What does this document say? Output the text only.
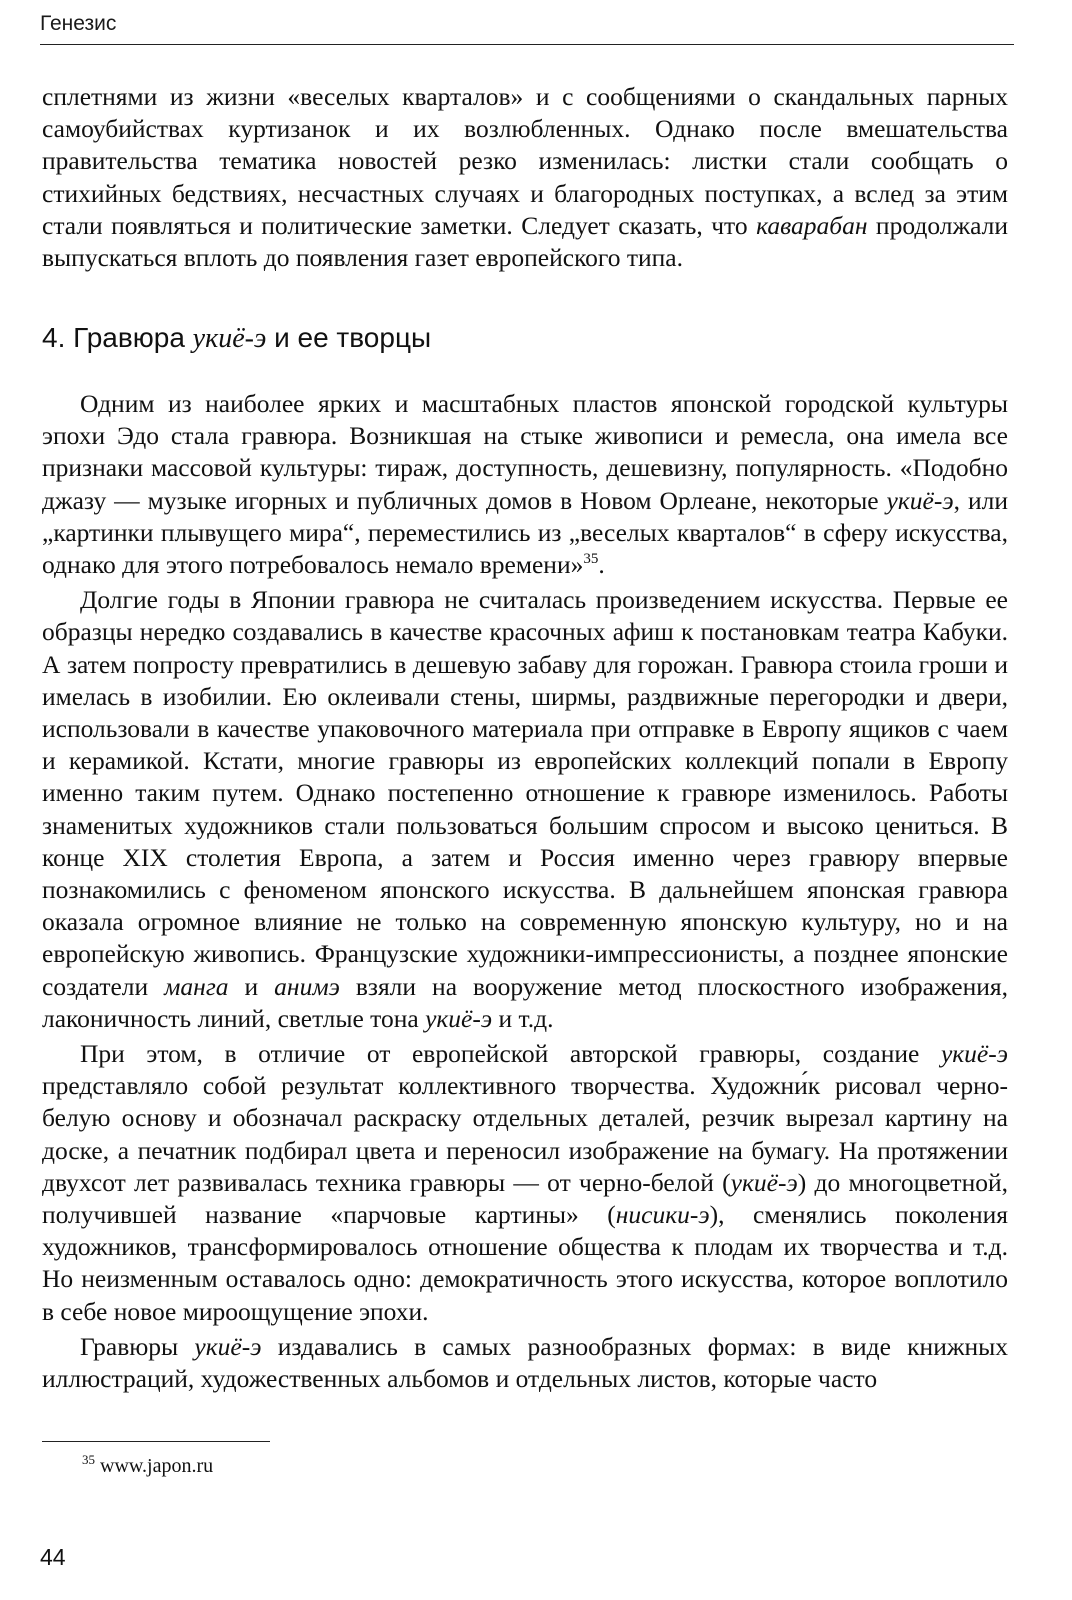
Генезис

сплетнями из жизни «веселых кварталов» и с сообщениями о скандальных парных самоубийствах куртизанок и их возлюбленных. Однако после вмешательства правительства тематика новостей резко изменилась: листки стали сообщать о стихийных бедствиях, несчастных случаях и благородных поступках, а вслед за этим стали появляться и политические заметки. Следует сказать, что каварабан продолжали выпускаться вплоть до появления газет европейского типа.

4. Гравюра укиё-э и ее творцы

Одним из наиболее ярких и масштабных пластов японской городской культуры эпохи Эдо стала гравюра. Возникшая на стыке живописи и ремесла, она имела все признаки массовой культуры: тираж, доступность, дешевизну, популярность. «Подобно джазу — музыке игорных и публичных домов в Новом Орлеане, некоторые укиё-э, или „картинки плывущего мира“, переместились из „веселых кварталов“ в сферу искусства, однако для этого потребовалось немало времени»$^{35}$.

Долгие годы в Японии гравюра не считалась произведением искусства. Первые ее образцы нередко создавались в качестве красочных афиш к постановкам театра Кабуки. А затем попросту превратились в дешевую забаву для горожан. Гравюра стоила гроши и имелась в изобилии. Ею оклеивали стены, ширмы, раздвижные перегородки и двери, использовали в качестве упаковочного материала при отправке в Европу ящиков с чаем и керамикой. Кстати, многие гравюры из европейских коллекций попали в Европу именно таким путем. Однако постепенно отношение к гравюре изменилось. Работы знаменитых художников стали пользоваться большим спросом и высоко цениться. В конце XIX столетия Европа, а затем и Россия именно через гравюру впервые познакомились с феноменом японского искусства. В дальнейшем японская гравюра оказала огромное влияние не только на современную японскую культуру, но и на европейскую живопись. Французские художники-импрессионисты, а позднее японские создатели манга и анимэ взяли на вооружение метод плоскостного изображения, лаконичность линий, светлые тона укиё-э и т.д.

При этом, в отличие от европейской авторской гравюры, создание укиё-э представляло собой результат коллективного творчества. Художни́к рисовал черно-белую основу и обозначал раскраску отдельных деталей, резчик вырезал картину на доске, а печатник подбирал цвета и переносил изображение на бумагу. На протяжении двухсот лет развивалась техника гравюры — от черно-белой (укиё-э) до многоцветной, получившей название «парчовые картины» (нисики-э), сменялись поколения художников, трансформировалось отношение общества к плодам их творчества и т.д. Но неизменным оставалось одно: демократичность этого искусства, которое воплотило в себе новое мироощущение эпохи.

Гравюры укиё-э издавались в самых разнообразных формах: в виде книжных иллюстраций, художественных альбомов и отдельных листов, которые часто

$^{35}$ www.japon.ru
44
